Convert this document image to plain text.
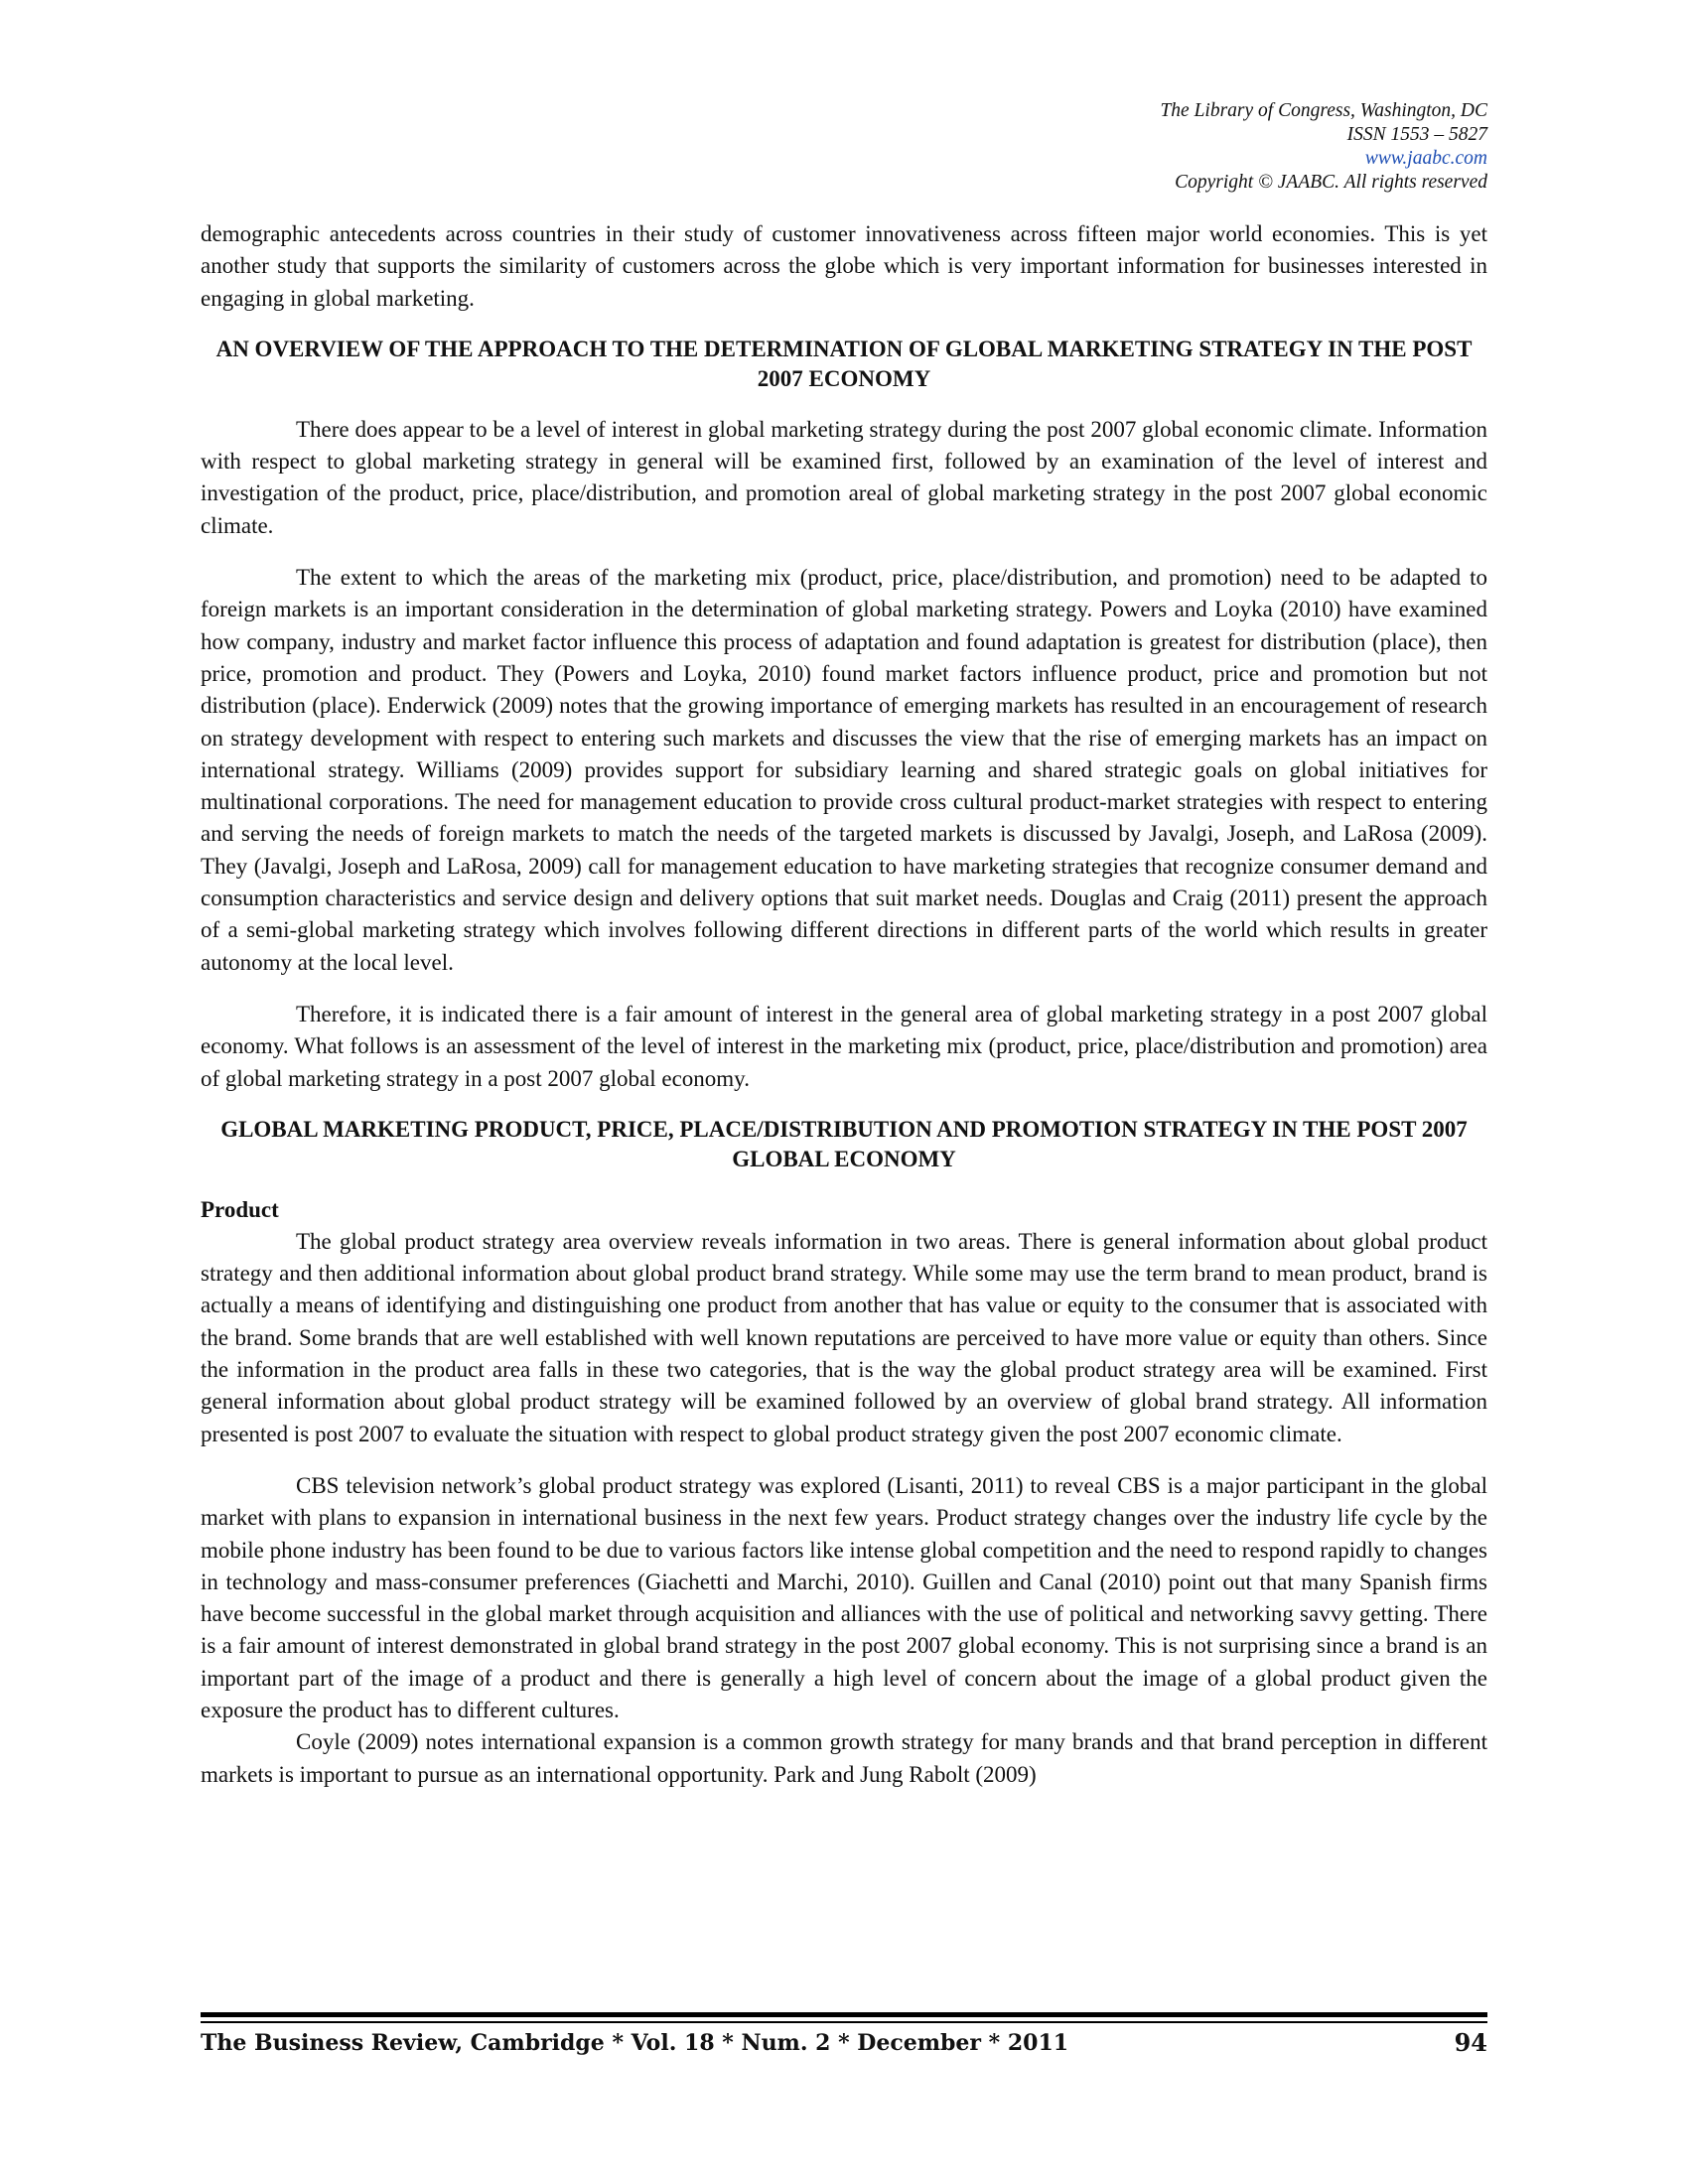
The Library of Congress, Washington, DC
ISSN 1553 – 5827
www.jaabc.com
Copyright © JAABC. All rights reserved

demographic antecedents across countries in their study of customer innovativeness across fifteen major world economies. This is yet another study that supports the similarity of customers across the globe which is very important information for businesses interested in engaging in global marketing.

AN OVERVIEW OF THE APPROACH TO THE DETERMINATION OF GLOBAL MARKETING STRATEGY IN THE POST 2007 ECONOMY

There does appear to be a level of interest in global marketing strategy during the post 2007 global economic climate. Information with respect to global marketing strategy in general will be examined first, followed by an examination of the level of interest and investigation of the product, price, place/distribution, and promotion areal of global marketing strategy in the post 2007 global economic climate.

The extent to which the areas of the marketing mix (product, price, place/distribution, and promotion) need to be adapted to foreign markets is an important consideration in the determination of global marketing strategy. Powers and Loyka (2010) have examined how company, industry and market factor influence this process of adaptation and found adaptation is greatest for distribution (place), then price, promotion and product. They (Powers and Loyka, 2010) found market factors influence product, price and promotion but not distribution (place). Enderwick (2009) notes that the growing importance of emerging markets has resulted in an encouragement of research on strategy development with respect to entering such markets and discusses the view that the rise of emerging markets has an impact on international strategy. Williams (2009) provides support for subsidiary learning and shared strategic goals on global initiatives for multinational corporations. The need for management education to provide cross cultural product-market strategies with respect to entering and serving the needs of foreign markets to match the needs of the targeted markets is discussed by Javalgi, Joseph, and LaRosa (2009). They (Javalgi, Joseph and LaRosa, 2009) call for management education to have marketing strategies that recognize consumer demand and consumption characteristics and service design and delivery options that suit market needs. Douglas and Craig (2011) present the approach of a semi-global marketing strategy which involves following different directions in different parts of the world which results in greater autonomy at the local level.

Therefore, it is indicated there is a fair amount of interest in the general area of global marketing strategy in a post 2007 global economy. What follows is an assessment of the level of interest in the marketing mix (product, price, place/distribution and promotion) area of global marketing strategy in a post 2007 global economy.

GLOBAL MARKETING PRODUCT, PRICE, PLACE/DISTRIBUTION AND PROMOTION STRATEGY IN THE POST 2007 GLOBAL ECONOMY
Product

The global product strategy area overview reveals information in two areas. There is general information about global product strategy and then additional information about global product brand strategy. While some may use the term brand to mean product, brand is actually a means of identifying and distinguishing one product from another that has value or equity to the consumer that is associated with the brand. Some brands that are well established with well known reputations are perceived to have more value or equity than others. Since the information in the product area falls in these two categories, that is the way the global product strategy area will be examined. First general information about global product strategy will be examined followed by an overview of global brand strategy. All information presented is post 2007 to evaluate the situation with respect to global product strategy given the post 2007 economic climate.

CBS television network’s global product strategy was explored (Lisanti, 2011) to reveal CBS is a major participant in the global market with plans to expansion in international business in the next few years. Product strategy changes over the industry life cycle by the mobile phone industry has been found to be due to various factors like intense global competition and the need to respond rapidly to changes in technology and mass-consumer preferences (Giachetti and Marchi, 2010). Guillen and Canal (2010) point out that many Spanish firms have become successful in the global market through acquisition and alliances with the use of political and networking savvy getting. There is a fair amount of interest demonstrated in global brand strategy in the post 2007 global economy. This is not surprising since a brand is an important part of the image of a product and there is generally a high level of concern about the image of a global product given the exposure the product has to different cultures.

Coyle (2009) notes international expansion is a common growth strategy for many brands and that brand perception in different markets is important to pursue as an international opportunity. Park and Jung Rabolt (2009)

The Business Review, Cambridge * Vol. 18 * Num. 2 * December * 2011	94
